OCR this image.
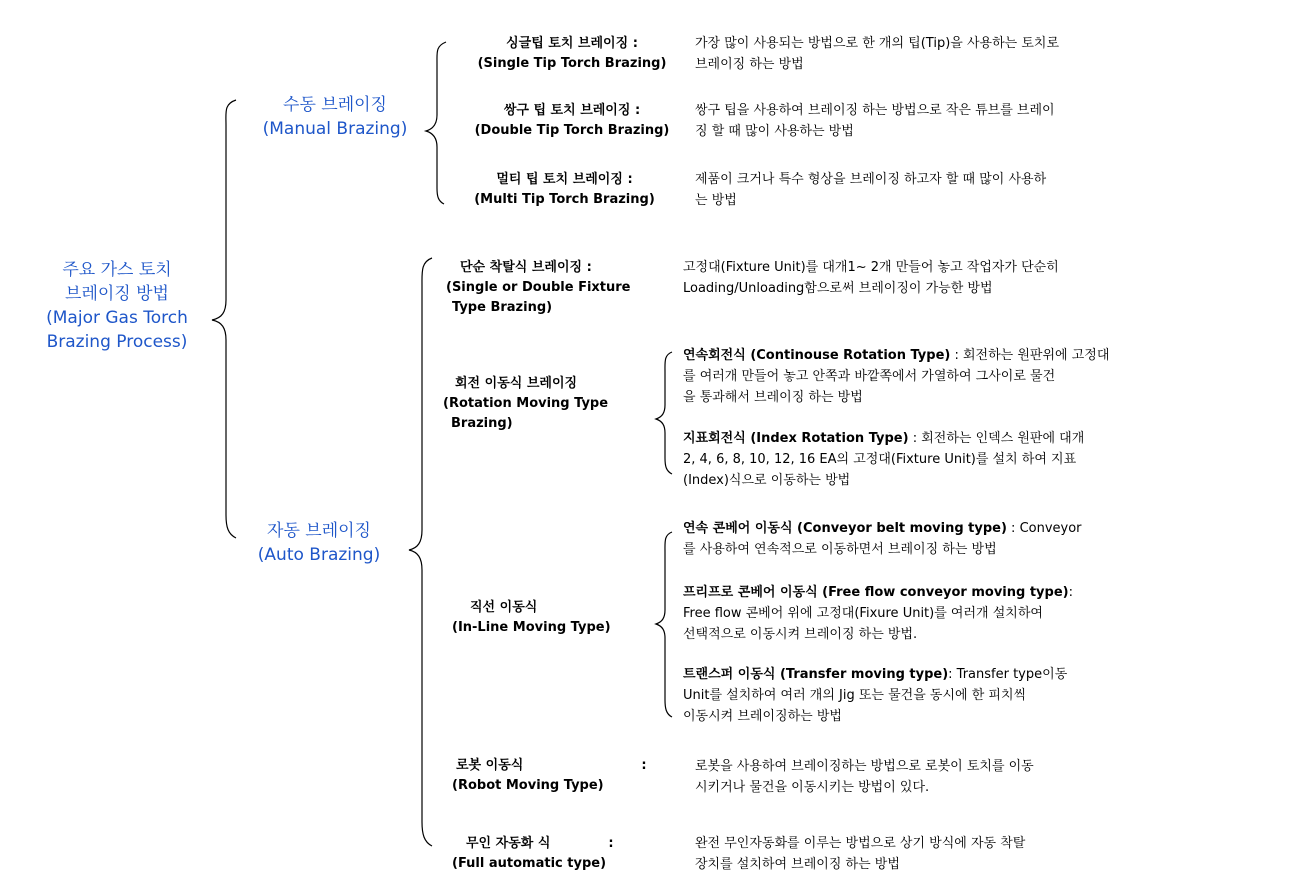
주요 가스 토치
브레이징 방법
(Major Gas Torch
Brazing Process)
수동 브레이징
(Manual Brazing)
싱글팁 토치 브레이징 :
(Single Tip Torch Brazing)
가장 많이 사용되는 방법으로 한 개의 팁(Tip)을 사용하는 토치로
브레이징 하는 방법
쌍구 팁 토치 브레이징 :
(Double Tip Torch Brazing)
쌍구 팁을 사용하여 브레이징 하는 방법으로 작은 튜브를 브레이
징 할 때 많이 사용하는 방법
멀티 팁 토치 브레이징 :
(Multi Tip Torch Brazing)
제품이 크거나 특수 형상을 브레이징 하고자 할 때 많이 사용하
는 방법
자동 브레이징
(Auto Brazing)
단순 착탈식 브레이징 :
(Single or Double Fixture
Type Brazing)
고정대(Fixture Unit)를 대개1~ 2개 만들어 놓고 작업자가 단순히
Loading/Unloading함으로써 브레이징이 가능한 방법
회전 이동식 브레이징
(Rotation Moving Type
Brazing)
연속회전식 (Continouse Rotation Type) : 회전하는 원판위에 고정대
를 여러개 만들어 놓고 안쪽과 바깥쪽에서 가열하여 그사이로 물건
을 통과해서 브레이징 하는 방법
지표회전식 (Index Rotation Type) : 회전하는 인덱스 원판에 대개
2, 4, 6, 8, 10, 12, 16 EA의 고정대(Fixture Unit)를 설치 하여 지표
(Index)식으로 이동하는 방법
직선 이동식
(In-Line Moving Type)
연속 콘베어 이동식 (Conveyor belt moving type) : Conveyor
를 사용하여 연속적으로 이동하면서 브레이징 하는 방법
프리프로 콘베어 이동식 (Free flow conveyor moving type):
Free flow 콘베어 위에 고정대(Fixure Unit)를 여러개 설치하여
선택적으로 이동시켜 브레이징 하는 방법.
트랜스퍼 이동식 (Transfer moving type): Transfer type이동
Unit를 설치하여 여러 개의 Jig 또는 물건을 동시에 한 피치씩
이동시켜 브레이징하는 방법
로봇 이동식	:
(Robot Moving Type)
로봇을 사용하여 브레이징하는 방법으로 로봇이 토치를 이동
시키거나 물건을 이동시키는 방법이 있다.
무인 자동화 식	:
(Full automatic type)
완전 무인자동화를 이루는 방법으로 상기 방식에 자동 착탈
장치를 설치하여 브레이징 하는 방법
